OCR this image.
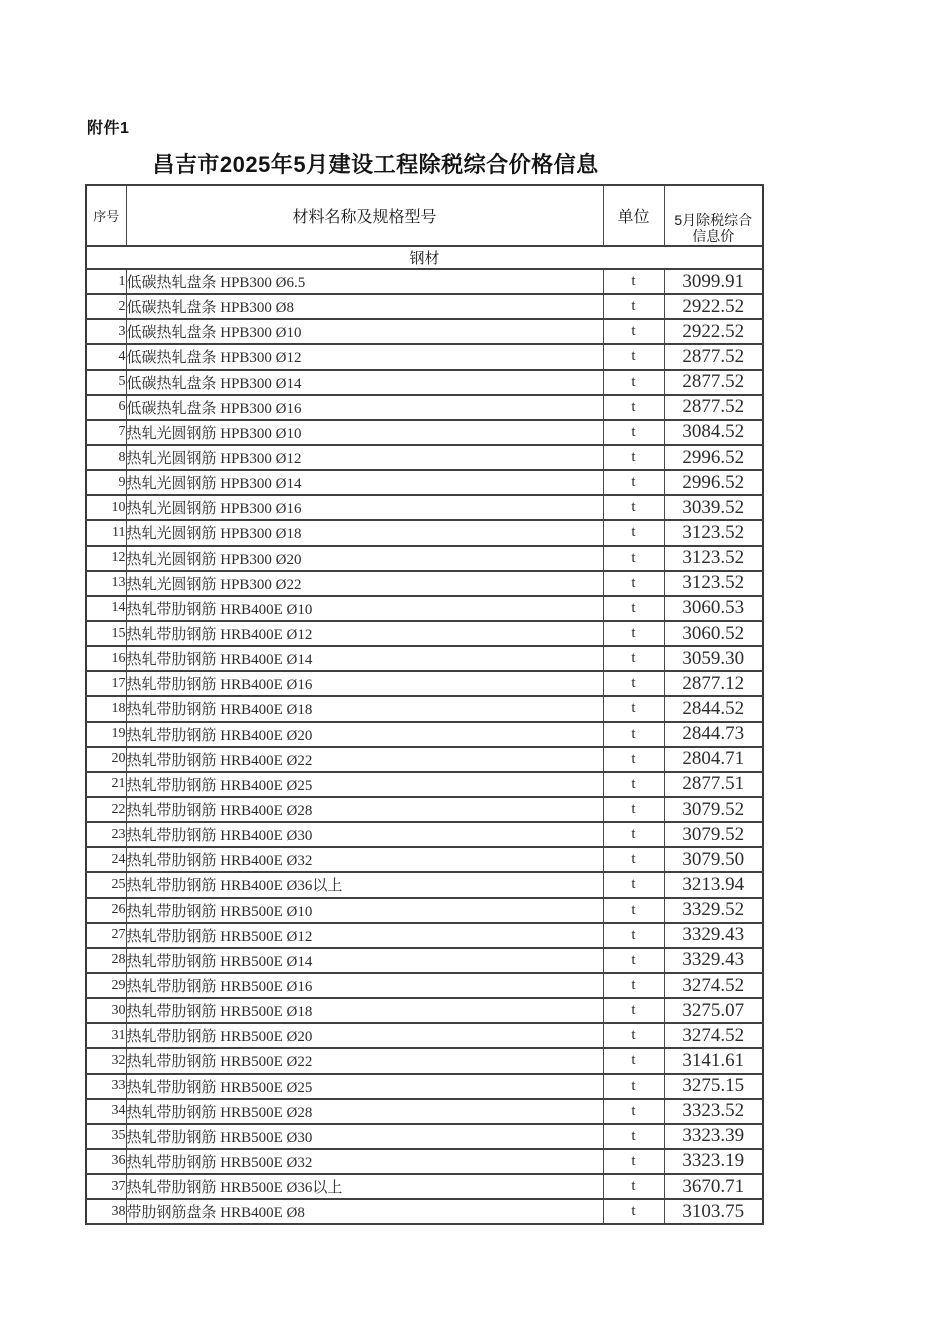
附件1
昌吉市2025年5月建设工程除税综合价格信息
序号	材料名称及规格型号	单位	5月除税综合
信息价

钢材			
1	低碳热轧盘条 HPB300 Ø6.5	t	3099.91
2	低碳热轧盘条 HPB300 Ø8	t	2922.52
3	低碳热轧盘条 HPB300 Ø10	t	2922.52
4	低碳热轧盘条 HPB300 Ø12	t	2877.52
5	低碳热轧盘条 HPB300 Ø14	t	2877.52
6	低碳热轧盘条 HPB300 Ø16	t	2877.52
7	热轧光圆钢筋 HPB300 Ø10	t	3084.52
8	热轧光圆钢筋 HPB300 Ø12	t	2996.52
9	热轧光圆钢筋 HPB300 Ø14	t	2996.52
10	热轧光圆钢筋 HPB300 Ø16	t	3039.52
11	热轧光圆钢筋 HPB300 Ø18	t	3123.52
12	热轧光圆钢筋 HPB300 Ø20	t	3123.52
13	热轧光圆钢筋 HPB300 Ø22	t	3123.52
14	热轧带肋钢筋 HRB400E Ø10	t	3060.53
15	热轧带肋钢筋 HRB400E Ø12	t	3060.52
16	热轧带肋钢筋 HRB400E Ø14	t	3059.30
17	热轧带肋钢筋 HRB400E Ø16	t	2877.12
18	热轧带肋钢筋 HRB400E Ø18	t	2844.52
19	热轧带肋钢筋 HRB400E Ø20	t	2844.73
20	热轧带肋钢筋 HRB400E Ø22	t	2804.71
21	热轧带肋钢筋 HRB400E Ø25	t	2877.51
22	热轧带肋钢筋 HRB400E Ø28	t	3079.52
23	热轧带肋钢筋 HRB400E Ø30	t	3079.52
24	热轧带肋钢筋 HRB400E Ø32	t	3079.50
25	热轧带肋钢筋 HRB400E Ø36以上	t	3213.94
26	热轧带肋钢筋 HRB500E Ø10	t	3329.52
27	热轧带肋钢筋 HRB500E Ø12	t	3329.43
28	热轧带肋钢筋 HRB500E Ø14	t	3329.43
29	热轧带肋钢筋 HRB500E Ø16	t	3274.52
30	热轧带肋钢筋 HRB500E Ø18	t	3275.07
31	热轧带肋钢筋 HRB500E Ø20	t	3274.52
32	热轧带肋钢筋 HRB500E Ø22	t	3141.61
33	热轧带肋钢筋 HRB500E Ø25	t	3275.15
34	热轧带肋钢筋 HRB500E Ø28	t	3323.52
35	热轧带肋钢筋 HRB500E Ø30	t	3323.39
36	热轧带肋钢筋 HRB500E Ø32	t	3323.19
37	热轧带肋钢筋 HRB500E Ø36以上	t	3670.71
38	带肋钢筋盘条 HRB400E Ø8	t	3103.75
